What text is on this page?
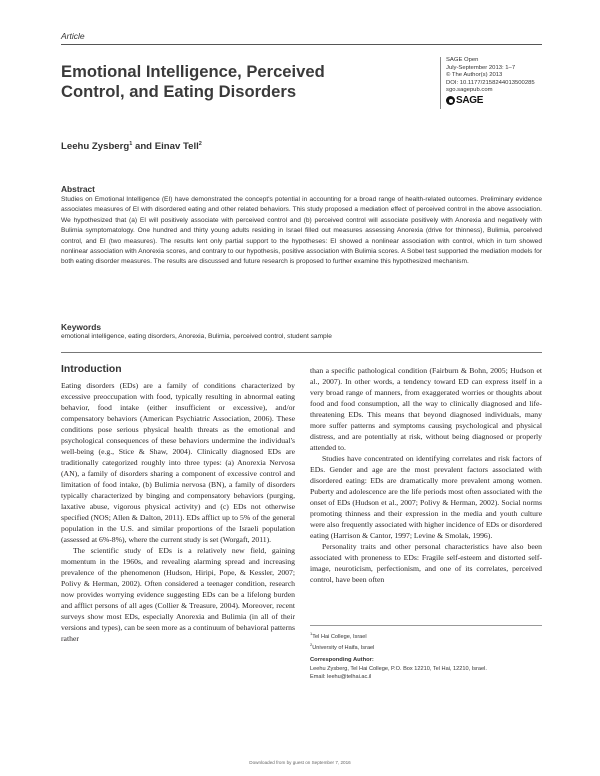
Article
Emotional Intelligence, Perceived
Control, and Eating Disorders
SAGE Open
July-September 2013: 1–7
© The Author(s) 2013
DOI: 10.1177/2158244013500285
sgo.sagepub.com
SAGE
Leehu Zysberg$^1$ and Einav Tell$^2$
Abstract
Studies on Emotional Intelligence (EI) have demonstrated the concept's potential in accounting for a broad range of health-related outcomes. Preliminary evidence associates measures of EI with disordered eating and other related behaviors. This study proposed a mediation effect of perceived control in the above association. We hypothesized that (a) EI will positively associate with perceived control and (b) perceived control will associate positively with Anorexia and negatively with Bulimia symptomatology. One hundred and thirty young adults residing in Israel filled out measures assessing Anorexia (drive for thinness), Bulimia, perceived control, and EI (two measures). The results lent only partial support to the hypotheses: EI showed a nonlinear association with control, which in turn showed nonlinear association with Anorexia scores, and contrary to our hypothesis, positive association with Bulimia scores. A Sobel test supported the mediation models for both eating disorder measures. The results are discussed and future research is proposed to further examine this hypothesized mechanism.
Keywords
emotional intelligence, eating disorders, Anorexia, Bulimia, perceived control, student sample
Introduction

Eating disorders (EDs) are a family of conditions characterized by excessive preoccupation with food, typically resulting in abnormal eating behavior, food intake (either insufficient or excessive), and/or compensatory behaviors (American Psychiatric Association, 2006). These conditions pose serious physical health threats as the emotional and psychological consequences of these behaviors undermine the individual's well-being (e.g., Stice & Shaw, 2004). Clinically diagnosed EDs are traditionally categorized roughly into three types: (a) Anorexia Nervosa (AN), a family of disorders sharing a component of excessive control and limitation of food intake, (b) Bulimia nervosa (BN), a family of disorders typically characterized by binging and compensatory behaviors (purging, laxative abuse, vigorous physical activity) and (c) EDs not otherwise specified (NOS; Allen & Dalton, 2011). EDs afflict up to 5% of the general population in the U.S. and similar proportions of the Israeli population (assessed at 6%-8%), where the current study is set (Worgaft, 2011).

The scientific study of EDs is a relatively new field, gaining momentum in the 1960s, and revealing alarming spread and increasing prevalence of the phenomenon (Hudson, Hiripi, Pope, & Kessler, 2007; Polivy & Herman, 2002). Often considered a teenager condition, research now provides worrying evidence suggesting EDs can be a lifelong burden and afflict persons of all ages (Collier & Treasure, 2004). Moreover, recent surveys show most EDs, especially Anorexia and Bulimia (in all of their versions and types), can be seen more as a continuum of behavioral patterns rather

than a specific pathological condition (Fairburn & Bohn, 2005; Hudson et al., 2007). In other words, a tendency toward ED can express itself in a very broad range of manners, from exaggerated worries or thoughts about food and food consumption, all the way to clinically diagnosed and life-threatening EDs. This means that beyond diagnosed individuals, many more suffer patterns and symptoms causing psychological and physical distress, and are potentially at risk, without being diagnosed or properly attended to.

Studies have concentrated on identifying correlates and risk factors of EDs. Gender and age are the most prevalent factors associated with disordered eating: EDs are dramatically more prevalent among women. Puberty and adolescence are the life periods most often associated with the onset of EDs (Hudson et al., 2007; Polivy & Herman, 2002). Social norms promoting thinness and their expression in the media and youth culture were also frequently associated with higher incidence of EDs or disordered eating (Harrison & Cantor, 1997; Levine & Smolak, 1996).

Personality traits and other personal characteristics have also been associated with proneness to EDs: Fragile self-esteem and distorted self-image, neuroticism, perfectionism, and one of its correlates, perceived control, have been often

$^1$Tel Hai College, Israel
$^2$University of Haifa, Israel
Corresponding Author:
Leehu Zysberg, Tel Hai College, P.O. Box 12210, Tel Hai, 12210, Israel.
Email: leehu@telhai.ac.il
Downloaded from by guest on September 7, 2016
